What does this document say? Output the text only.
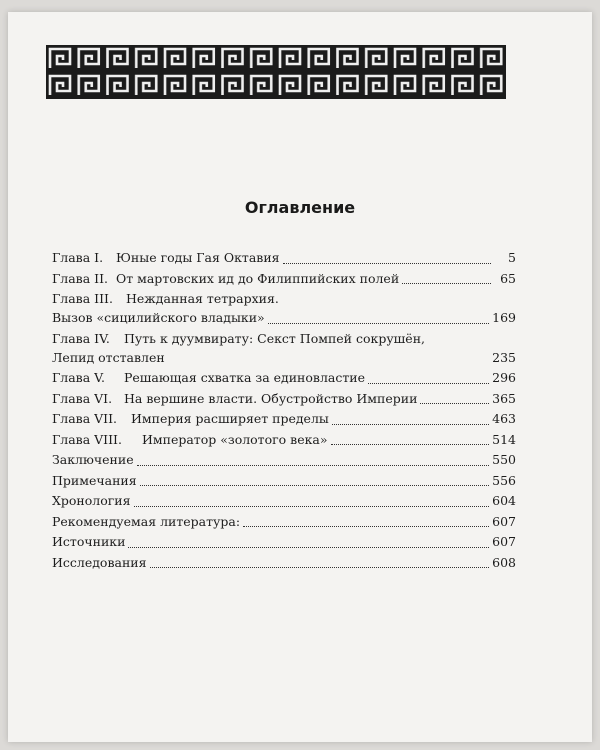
Оглавление
Глава I. Юные годы Гая Октавия	5
Глава II. От мартовских ид до Филиппийских полей	65
Глава III. Нежданная тетрархия.
Вызов «сицилийского владыки»	169
Глава IV. Путь к дуумвирату: Секст Помпей сокрушён,
Лепид отставлен	235
Глава V. Решающая схватка за единовластие	296
Глава VI. На вершине власти. Обустройство Империи	365
Глава VII. Империя расширяет пределы	463
Глава VIII. Император «золотого века»	514
Заключение	550
Примечания	556
Хронология	604
Рекомендуемая литература:	607
Источники	607
Исследования	608
